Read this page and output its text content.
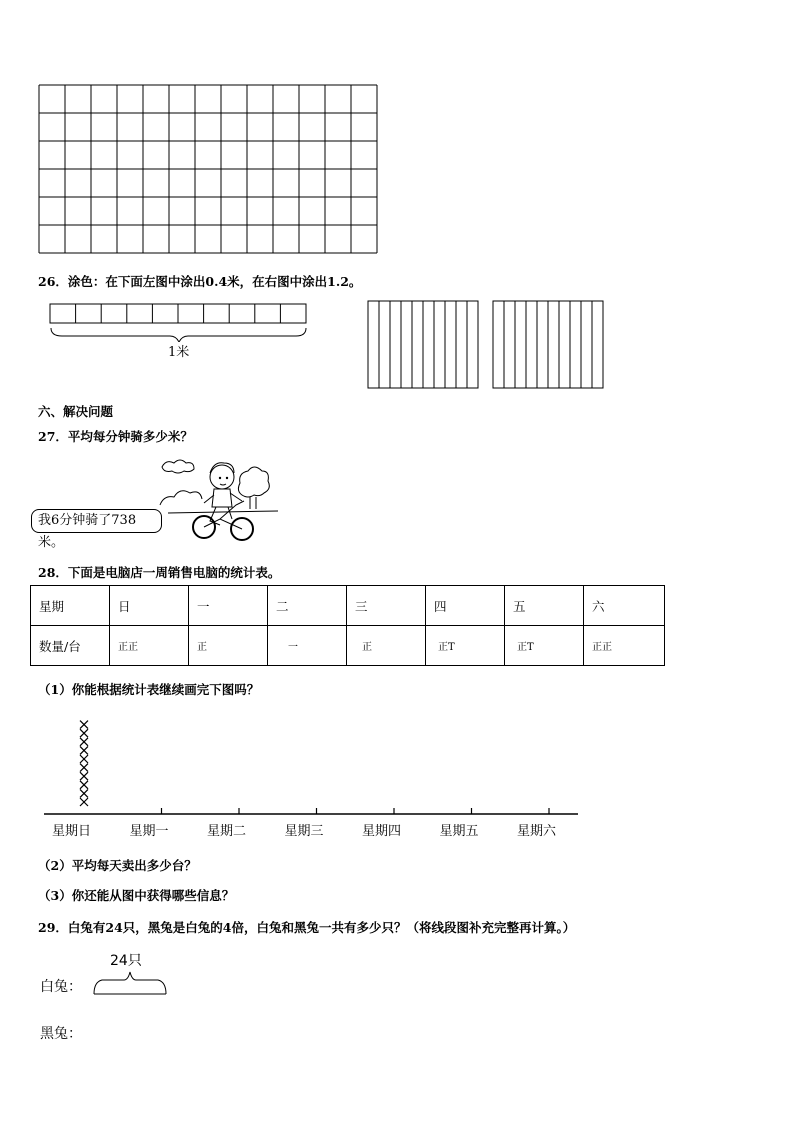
26．涂色：在下面左图中涂出0.4米，在右图中涂出1.2。
1米
六、解决问题
27．平均每分钟骑多少米？
我6分钟骑了738米。
28．下面是电脑店一周销售电脑的统计表。
星期	日	一	二	三	四	五	六
数量/台	正正	正	一	正	正T	正T	正正
（1）你能根据统计表继续画完下图吗？
（2）平均每天卖出多少台？
（3）你还能从图中获得哪些信息？
29．白兔有24只，黑兔是白兔的4倍，白兔和黑兔一共有多少只？（将线段图补充完整再计算。）
24只
白兔：
黑兔：
星期日	星期一	星期二	星期三	星期四	星期五	星期六
